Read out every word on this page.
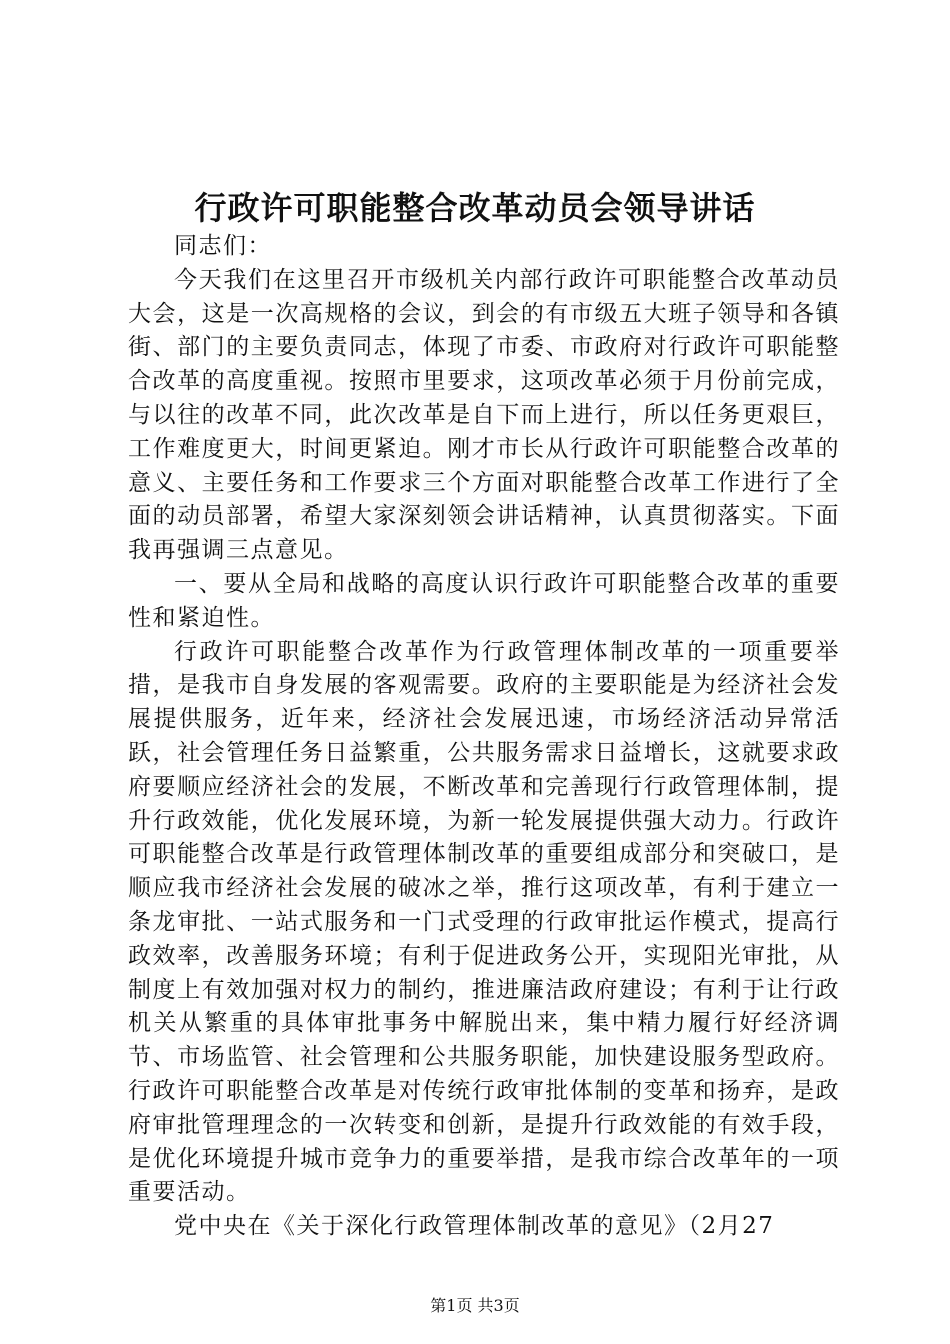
行政许可职能整合改革动员会领导讲话

同志们：

今天我们在这里召开市级机关内部行政许可职能整合改革动员大会，这是一次高规格的会议，到会的有市级五大班子领导和各镇街、部门的主要负责同志，体现了市委、市政府对行政许可职能整合改革的高度重视。按照市里要求，这项改革必须于月份前完成，与以往的改革不同，此次改革是自下而上进行，所以任务更艰巨，工作难度更大，时间更紧迫。刚才市长从行政许可职能整合改革的意义、主要任务和工作要求三个方面对职能整合改革工作进行了全面的动员部署，希望大家深刻领会讲话精神，认真贯彻落实。下面我再强调三点意见。

一、要从全局和战略的高度认识行政许可职能整合改革的重要性和紧迫性。

行政许可职能整合改革作为行政管理体制改革的一项重要举措，是我市自身发展的客观需要。政府的主要职能是为经济社会发展提供服务，近年来，经济社会发展迅速，市场经济活动异常活跃，社会管理任务日益繁重，公共服务需求日益增长，这就要求政府要顺应经济社会的发展，不断改革和完善现行行政管理体制，提升行政效能，优化发展环境，为新一轮发展提供强大动力。行政许可职能整合改革是行政管理体制改革的重要组成部分和突破口，是顺应我市经济社会发展的破冰之举，推行这项改革，有利于建立一条龙审批、一站式服务和一门式受理的行政审批运作模式，提高行政效率，改善服务环境；有利于促进政务公开，实现阳光审批，从制度上有效加强对权力的制约，推进廉洁政府建设；有利于让行政机关从繁重的具体审批事务中解脱出来，集中精力履行好经济调节、市场监管、社会管理和公共服务职能，加快建设服务型政府。行政许可职能整合改革是对传统行政审批体制的变革和扬弃，是政府审批管理理念的一次转变和创新，是提升行政效能的有效手段，是优化环境提升城市竞争力的重要举措，是我市综合改革年的一项重要活动。

党中央在《关于深化行政管理体制改革的意见》（2月27

第1页 共3页
